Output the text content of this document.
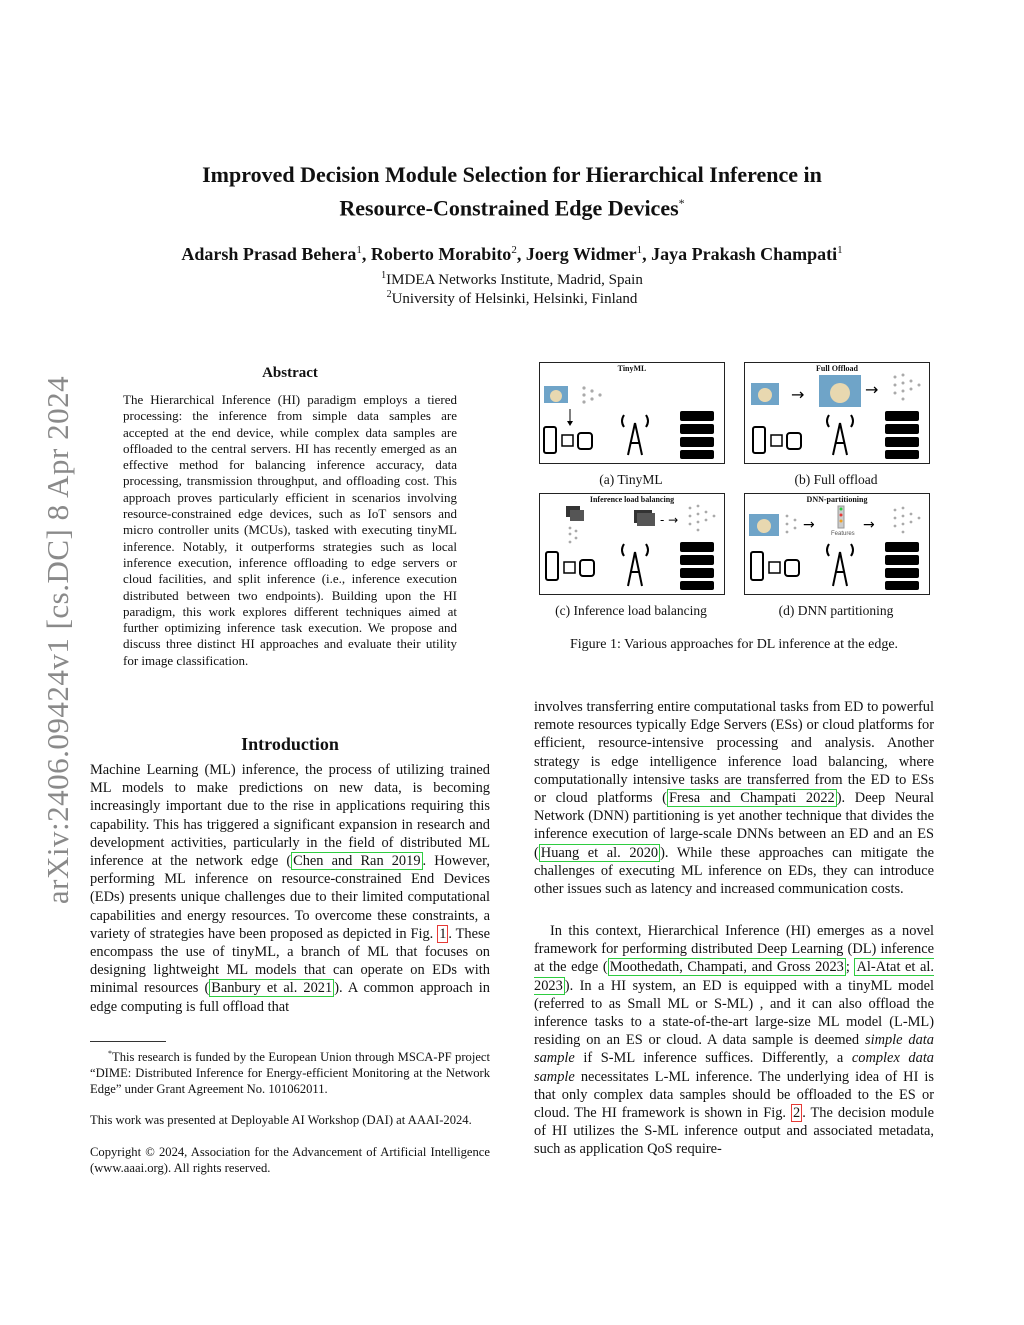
Improved Decision Module Selection for Hierarchical Inference in
Resource-Constrained Edge Devices*
Adarsh Prasad Behera$^1$, Roberto Morabito$^2$, Joerg Widmer$^1$, Jaya Prakash Champati$^1$
$^1$IMDEA Networks Institute, Madrid, Spain
$^2$University of Helsinki, Helsinki, Finland
arXiv:2406.09424v1 [cs.DC] 8 Apr 2024
Abstract
The Hierarchical Inference (HI) paradigm employs a tiered processing: the inference from simple data samples are accepted at the end device, while complex data samples are offloaded to the central servers. HI has recently emerged as an effective method for balancing inference accuracy, data processing, transmission throughput, and offloading cost. This approach proves particularly efficient in scenarios involving resource-constrained edge devices, such as IoT sensors and micro controller units (MCUs), tasked with executing tinyML inference. Notably, it outperforms strategies such as local inference execution, inference offloading to edge servers or cloud facilities, and split inference (i.e., inference execution distributed between two endpoints). Building upon the HI paradigm, this work explores different techniques aimed at further optimizing inference task execution. We propose and discuss three distinct HI approaches and evaluate their utility for image classification.
Introduction
Machine Learning (ML) inference, the process of utilizing trained ML models to make predictions on new data, is becoming increasingly important due to the rise in applications requiring this capability. This has triggered a significant expansion in research and development activities, particularly in the field of distributed ML inference at the network edge ( Chen and Ran 2019 . However, performing ML inference on resource-constrained End Devices (EDs) presents unique challenges due to their limited computational capabilities and energy resources. To overcome these constraints, a variety of strategies have been proposed as depicted in Fig. 1 . These encompass the use of tinyML, a branch of ML that focuses on designing lightweight ML models that can operate on EDs with minimal resources ( Banbury et al. 2021 ). A common approach in edge computing is full offload that
*This research is funded by the European Union through MSCA-PF project “DIME: Distributed Inference for Energy-efficient Monitoring at the Network Edge” under Grant Agreement No. 101062011.
This work was presented at Deployable AI Workshop (DAI) at AAAI-2024.
Copyright © 2024, Association for the Advancement of Artificial Intelligence (www.aaai.org). All rights reserved.
TinyML
(a) TinyML
Full Offload
→	→
(b) Full offload
Inference load balancing
- →
(c) Inference load balancing
DNN-partitioning
Features
→	→
(d) DNN partitioning
Figure 1: Various approaches for DL inference at the edge.
involves transferring entire computational tasks from ED to powerful remote resources typically Edge Servers (ESs) or cloud platforms for efficient, resource-intensive processing and analysis. Another strategy is edge intelligence inference load balancing, where computationally intensive tasks are transferred from the ED to ESs or cloud platforms ( Fresa and Champati 2022 ). Deep Neural Network (DNN) partitioning is yet another technique that divides the inference execution of large-scale DNNs between an ED and an ES ( Huang et al. 2020 ). While these approaches can mitigate the challenges of executing ML inference on EDs, they can introduce other issues such as latency and increased communication costs.
In this context, Hierarchical Inference (HI) emerges as a novel framework for performing distributed Deep Learning (DL) inference at the edge ( Moothedath, Champati, and Gross 2023 ; Al-Atat et al. 2023 ). In a HI system, an ED is equipped with a tinyML model (referred to as Small ML or S-ML) , and it can also offload the inference tasks to a state-of-the-art large-size ML model (L-ML) residing on an ES or cloud. A data sample is deemed simple data sample if S-ML inference suffices. Differently, a complex data sample necessitates L-ML inference. The underlying idea of HI is that only complex data samples should be offloaded to the ES or cloud. The HI framework is shown in Fig. 2 . The decision module of HI utilizes the S-ML inference output and associated metadata, such as application QoS require-
